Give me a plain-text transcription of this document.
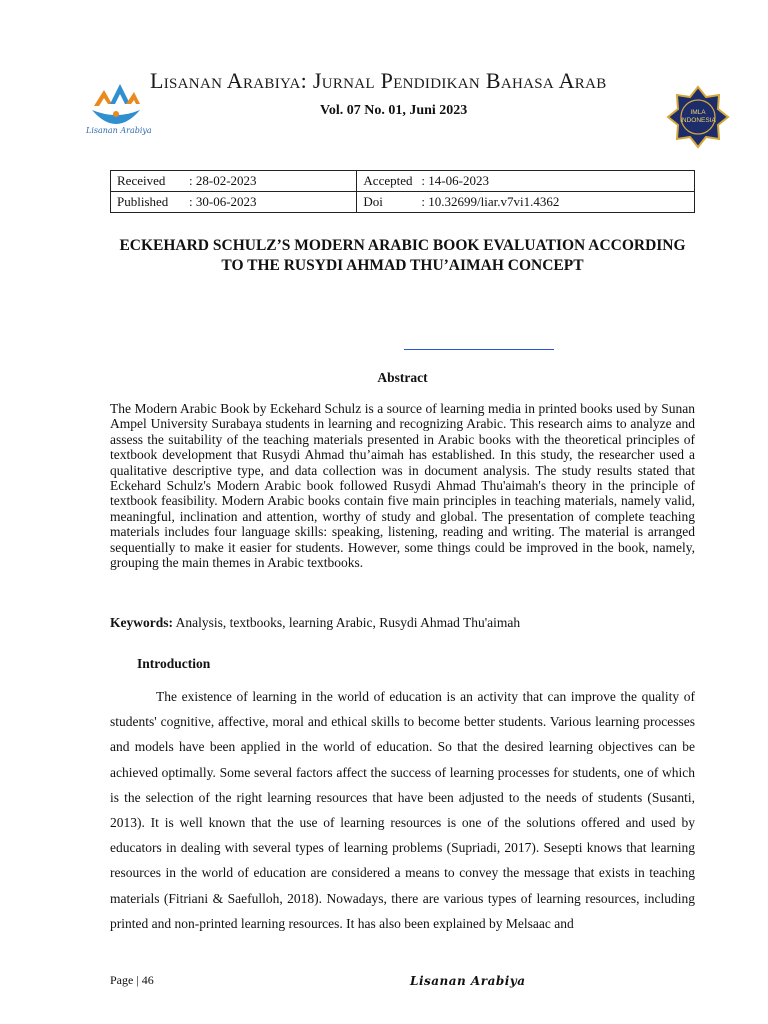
Lisanan Arabiya
Lisanan Arabiya: Jurnal Pendidikan Bahasa Arab
Vol. 07 No. 01, Juni 2023	IMLA INDONESIA
Received : 28-02-2023	Accepted : 14-06-2023
Published : 30-06-2023	Doi : 10.32699/liar.v7vi1.4362
ECKEHARD SCHULZ’S MODERN ARABIC BOOK EVALUATION ACCORDING TO THE RUSYDI AHMAD THU’AIMAH CONCEPT
Abstract
The Modern Arabic Book by Eckehard Schulz is a source of learning media in printed books used by Sunan Ampel University Surabaya students in learning and recognizing Arabic. This research aims to analyze and assess the suitability of the teaching materials presented in Arabic books with the theoretical principles of textbook development that Rusydi Ahmad thu’aimah has established. In this study, the researcher used a qualitative descriptive type, and data collection was in document analysis. The study results stated that Eckehard Schulz's Modern Arabic book followed Rusydi Ahmad Thu'aimah's theory in the principle of textbook feasibility. Modern Arabic books contain five main principles in teaching materials, namely valid, meaningful, inclination and attention, worthy of study and global. The presentation of complete teaching materials includes four language skills: speaking, listening, reading and writing. The material is arranged sequentially to make it easier for students. However, some things could be improved in the book, namely, grouping the main themes in Arabic textbooks.
Keywords: Analysis, textbooks, learning Arabic, Rusydi Ahmad Thu'aimah
Introduction

The existence of learning in the world of education is an activity that can improve the quality of students' cognitive, affective, moral and ethical skills to become better students. Various learning processes and models have been applied in the world of education. So that the desired learning objectives can be achieved optimally. Some several factors affect the success of learning processes for students, one of which is the selection of the right learning resources that have been adjusted to the needs of students (Susanti, 2013). It is well known that the use of learning resources is one of the solutions offered and used by educators in dealing with several types of learning problems (Supriadi, 2017). Sesepti knows that learning resources in the world of education are considered a means to convey the message that exists in teaching materials (Fitriani & Saefulloh, 2018). Nowadays, there are various types of learning resources, including printed and non-printed learning resources. It has also been explained by Melsaac and

Page | 46	Lisanan Arabiya
